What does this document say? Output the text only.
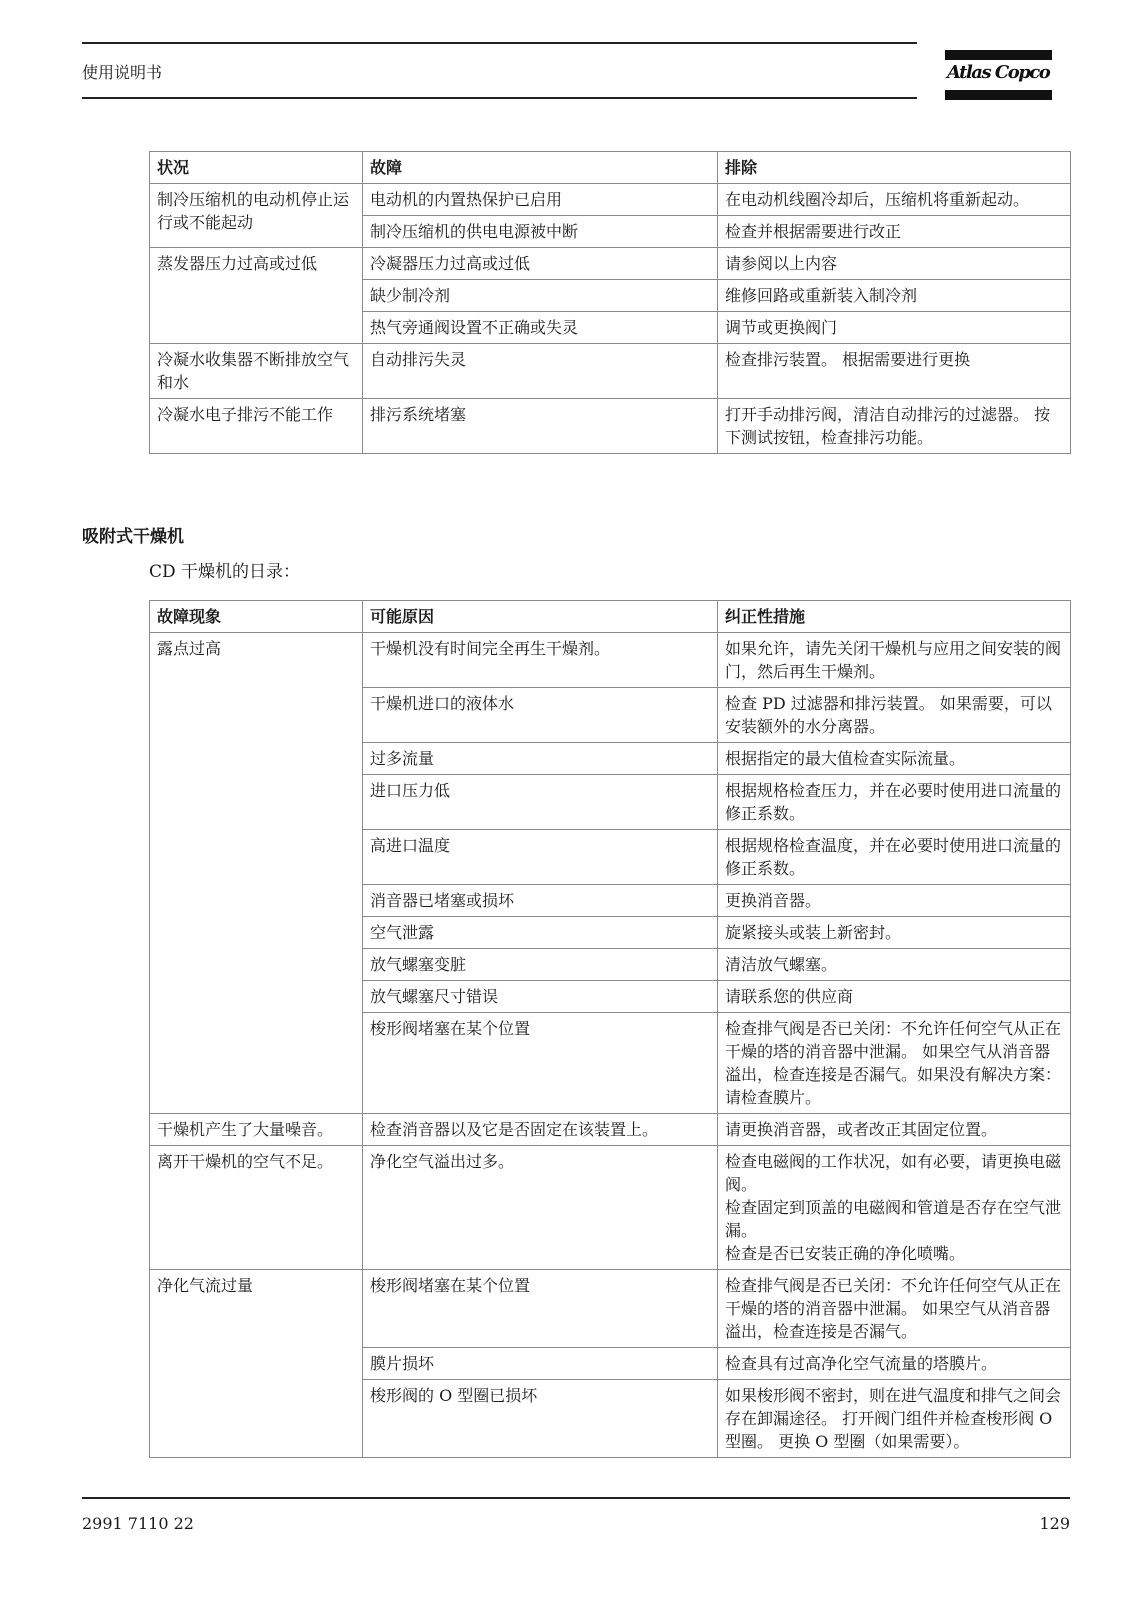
使用说明书	Atlas Copco
状况	故障	排除
制冷压缩机的电动机停止运行或不能起动	电动机的内置热保护已启用	在电动机线圈冷却后，压缩机将重新起动。
	制冷压缩机的供电电源被中断	检查并根据需要进行改正
蒸发器压力过高或过低	冷凝器压力过高或过低	请参阅以上内容
	缺少制冷剂	维修回路或重新装入制冷剂
	热气旁通阀设置不正确或失灵	调节或更换阀门
冷凝水收集器不断排放空气和水	自动排污失灵	检查排污装置。 根据需要进行更换
冷凝水电子排污不能工作	排污系统堵塞	打开手动排污阀，清洁自动排污的过滤器。 按下测试按钮，检查排污功能。
吸附式干燥机
CD 干燥机的日录：
故障现象	可能原因	纠正性措施
露点过高	干燥机没有时间完全再生干燥剂。	如果允许，请先关闭干燥机与应用之间安装的阀门，然后再生干燥剂。
	干燥机进口的液体水	检查 PD 过滤器和排污装置。 如果需要，可以安装额外的水分离器。
	过多流量	根据指定的最大值检查实际流量。
	进口压力低	根据规格检查压力，并在必要时使用进口流量的修正系数。
	高进口温度	根据规格检查温度，并在必要时使用进口流量的修正系数。
	消音器已堵塞或损坏	更换消音器。
	空气泄露	旋紧接头或装上新密封。
	放气螺塞变脏	清洁放气螺塞。
	放气螺塞尺寸错误	请联系您的供应商
	梭形阀堵塞在某个位置	检查排气阀是否已关闭：不允许任何空气从正在干燥的塔的消音器中泄漏。 如果空气从消音器溢出，检查连接是否漏气。如果没有解决方案：请检查膜片。
干燥机产生了大量噪音。	检查消音器以及它是否固定在该装置上。	请更换消音器，或者改正其固定位置。
离开干燥机的空气不足。	净化空气溢出过多。	检查电磁阀的工作状况，如有必要，请更换电磁阀。
检查固定到顶盖的电磁阀和管道是否存在空气泄漏。
检查是否已安装正确的净化喷嘴。
净化气流过量	梭形阀堵塞在某个位置	检查排气阀是否已关闭：不允许任何空气从正在干燥的塔的消音器中泄漏。 如果空气从消音器溢出，检查连接是否漏气。
	膜片损坏	检查具有过高净化空气流量的塔膜片。
	梭形阀的 O 型圈已损坏	如果梭形阀不密封，则在进气温度和排气之间会存在卸漏途径。 打开阀门组件并检查梭形阀 O 型圈。 更换 O 型圈（如果需要）。
2991 7110 22	129
